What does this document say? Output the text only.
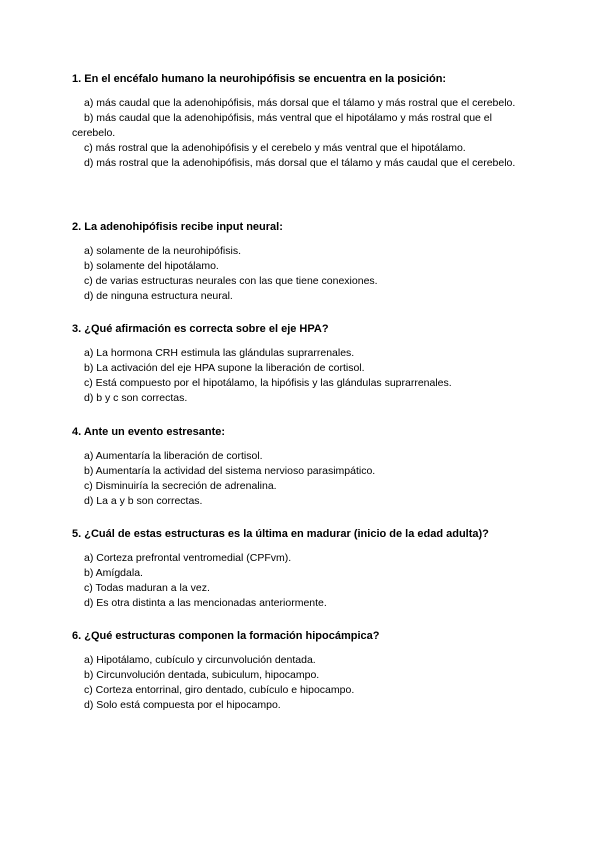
1. En el encéfalo humano la neurohipófisis se encuentra en la posición:

a) más caudal que la adenohipófisis, más dorsal que el tálamo y más rostral que el cerebelo.

b) más caudal que la adenohipófisis, más ventral que el hipotálamo y más rostral que el cerebelo.

c) más rostral que la adenohipófisis y el cerebelo y más ventral que el hipotálamo.

d) más rostral que la adenohipófisis, más dorsal que el tálamo y más caudal que el cerebelo.

2. La adenohipófisis recibe input neural:

a) solamente de la neurohipófisis.

b) solamente del hipotálamo.

c) de varias estructuras neurales con las que tiene conexiones.

d) de ninguna estructura neural.

3. ¿Qué afirmación es correcta sobre el eje HPA?

a) La hormona CRH estimula las glándulas suprarrenales.

b) La activación del eje HPA supone la liberación de cortisol.

c) Está compuesto por el hipotálamo, la hipófisis y las glándulas suprarrenales.

d) b y c son correctas.

4. Ante un evento estresante:

a) Aumentaría la liberación de cortisol.

b) Aumentaría la actividad del sistema nervioso parasimpático.

c) Disminuiría la secreción de adrenalina.

d) La a y b son correctas.

5. ¿Cuál de estas estructuras es la última en madurar (inicio de la edad adulta)?

a) Corteza prefrontal ventromedial (CPFvm).

b) Amígdala.

c) Todas maduran a la vez.

d) Es otra distinta a las mencionadas anteriormente.

6. ¿Qué estructuras componen la formación hipocámpica?

a) Hipotálamo, cubículo y circunvolución dentada.

b) Circunvolución dentada, subiculum, hipocampo.

c) Corteza entorrinal, giro dentado, cubículo e hipocampo.

d) Solo está compuesta por el hipocampo.
